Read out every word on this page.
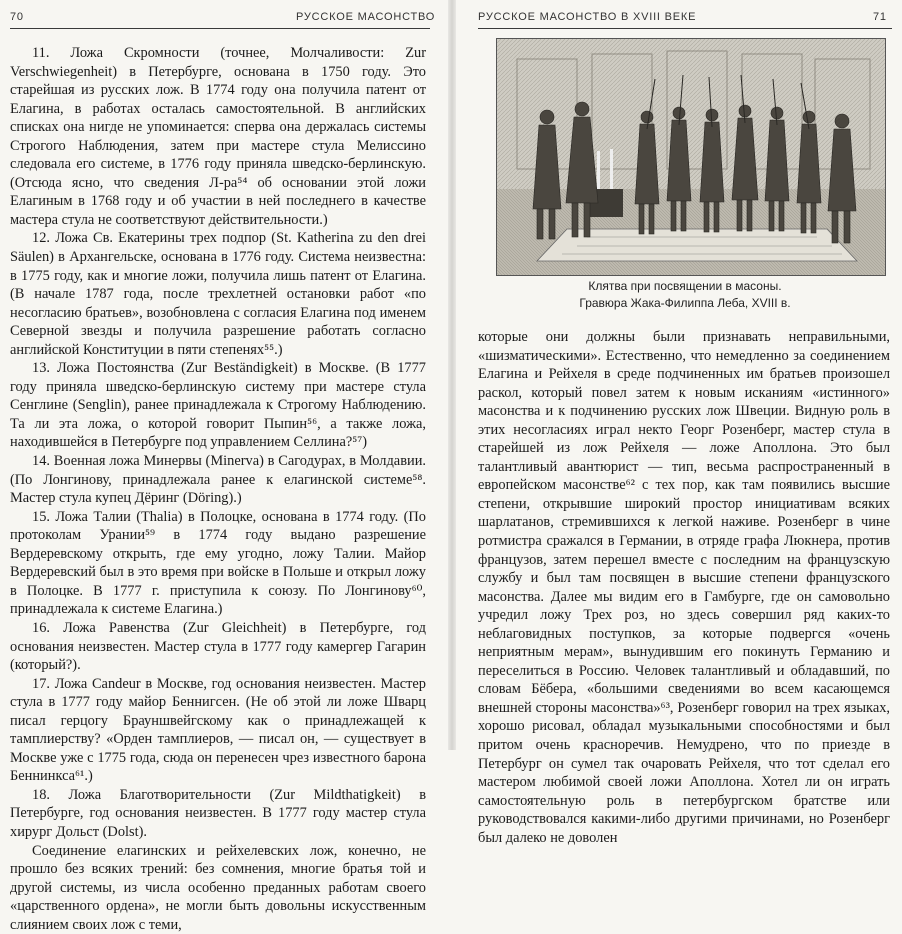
70	РУССКОЕ МАСОНСТВО

11. Ложа Скромности (точнее, Молчаливости: Zur Verschwiegenheit) в Петербурге, основана в 1750 году. Это старейшая из русских лож. В 1774 году она получила патент от Елагина, в работах осталась самостоятельной. В английских списках она нигде не упоминается: сперва она держалась системы Строгого Наблюдения, затем при мастере стула Мелиссино следовала его системе, в 1776 году приняла шведско-берлинскую. (Отсюда ясно, что сведения Л-ра⁵⁴ об основании этой ложи Елагиным в 1768 году и об участии в ней последнего в качестве мастера стула не соответствуют действительности.)

12. Ложа Св. Екатерины трех подпор (St. Katherina zu den drei Säulen) в Архангельске, основана в 1776 году. Система неизвестна: в 1775 году, как и многие ложи, получила лишь патент от Елагина. (В начале 1787 года, после трехлетней остановки работ «по несогласию братьев», возобновлена с согласия Елагина под именем Северной звезды и получила разрешение работать согласно английской Конституции в пяти степенях⁵⁵.)

13. Ложа Постоянства (Zur Beständigkeit) в Москве. (В 1777 году приняла шведско-берлинскую систему при мастере стула Сенглине (Senglin), ранее принадлежала к Строгому Наблюдению. Та ли эта ложа, о которой говорит Пыпин⁵⁶, а также ложа, находившейся в Петербурге под управлением Селлина?⁵⁷)

14. Военная ложа Минервы (Minerva) в Сагодурах, в Молдавии. (По Лонгинову, принадлежала ранее к елагинской системе⁵⁸. Мастер стула купец Дёринг (Döring).)

15. Ложа Талии (Thalia) в Полоцке, основана в 1774 году. (По протоколам Урании⁵⁹ в 1774 году выдано разрешение Вердеревскому открыть, где ему угодно, ложу Талии. Майор Вердеревский был в это время при войске в Польше и открыл ложу в Полоцке. В 1777 г. приступила к союзу. По Лонгинову⁶⁰, принадлежала к системе Елагина.)

16. Ложа Равенства (Zur Gleichheit) в Петербурге, год основания неизвестен. Мастер стула в 1777 году камергер Гагарин (который?).

17. Ложа Candeur в Москве, год основания неизвестен. Мастер стула в 1777 году майор Беннигсен. (Не об этой ли ложе Шварц писал герцогу Брауншвейгскому как о принадлежащей к тамплиерству? «Орден тамплиеров, — писал он, — существует в Москве уже с 1775 года, сюда он перенесен чрез известного барона Беннинкса⁶¹.)

18. Ложа Благотворительности (Zur Mildthatigkeit) в Петербурге, год основания неизвестен. В 1777 году мастер стула хирург Дольст (Dolst).

Соединение елагинских и рейхелевских лож, конечно, не прошло без всяких трений: без сомнения, многие братья той и другой системы, из числа особенно преданных работам своего «царственного ордена», не могли быть довольны искусственным слиянием своих лож с теми,

РУССКОЕ МАСОНСТВО В XVIII ВЕКЕ	71
Клятва при посвящении в масоны.
Гравюра Жака-Филиппа Леба, XVIII в.

которые они должны были признавать неправильными, «шизматическими». Естественно, что немедленно за соединением Елагина и Рейхеля в среде подчиненных им братьев произошел раскол, который повел затем к новым исканиям «истинного» масонства и к подчинению русских лож Швеции. Видную роль в этих несогласиях играл некто Георг Розенберг, мастер стула в старейшей из лож Рейхеля — ложе Аполлона. Это был талантливый авантюрист — тип, весьма распространенный в европейском масонстве⁶² с тех пор, как там появились высшие степени, открывшие широкий простор инициативам всяких шарлатанов, стремившихся к легкой наживе. Розенберг в чине ротмистра сражался в Германии, в отряде графа Люкнера, против французов, затем перешел вместе с последним на французскую службу и был там посвящен в высшие степени французского масонства. Далее мы видим его в Гамбурге, где он самовольно учредил ложу Трех роз, но здесь совершил ряд каких-то неблаговидных поступков, за которые подвергся «очень неприятным мерам», вынудившим его покинуть Германию и переселиться в Россию. Человек талантливый и обладавший, по словам Бёбера, «большими сведениями во всем касающемся внешней стороны масонства»⁶³, Розенберг говорил на трех языках, хорошо рисовал, обладал музыкальными способностями и был притом очень красноречив. Немудрено, что по приезде в Петербург он сумел так очаровать Рейхеля, что тот сделал его мастером любимой своей ложи Аполлона. Хотел ли он играть самостоятельную роль в петербургском братстве или руководствовался какими-либо другими причинами, но Розенберг был далеко не доволен
